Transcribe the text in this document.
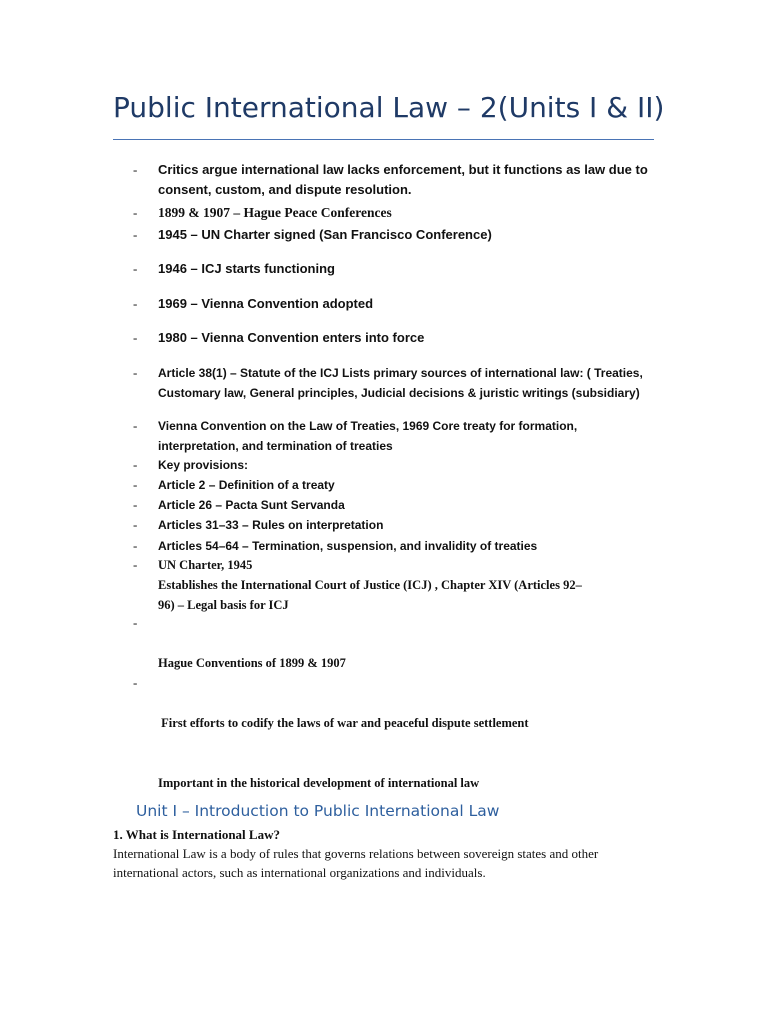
Public International Law – 2(Units I & II)
- Critics argue international law lacks enforcement, but it functions as law due to
consent, custom, and dispute resolution.
- 1899 & 1907 – Hague Peace Conferences
- 1945 – UN Charter signed (San Francisco Conference)
- 1946 – ICJ starts functioning
- 1969 – Vienna Convention adopted
- 1980 – Vienna Convention enters into force
- Article 38(1) – Statute of the ICJ Lists primary sources of international law: ( Treaties,
Customary law, General principles, Judicial decisions & juristic writings (subsidiary)
- Vienna Convention on the Law of Treaties, 1969 Core treaty for formation,
interpretation, and termination of treaties
- Key provisions:
- Article 2 – Definition of a treaty
- Article 26 – Pacta Sunt Servanda
- Articles 31–33 – Rules on interpretation
- Articles 54–64 – Termination, suspension, and invalidity of treaties
- UN Charter, 1945
Establishes the International Court of Justice (ICJ) , Chapter XIV (Articles 92–
96) – Legal basis for ICJ
-

Hague Conventions of 1899 & 1907

First efforts to codify the laws of war and peaceful dispute settlement

Important in the historical development of international law

-
Unit I – Introduction to Public International Law
1. What is International Law?

International Law is a body of rules that governs relations between sovereign states and other international actors, such as international organizations and individuals.
